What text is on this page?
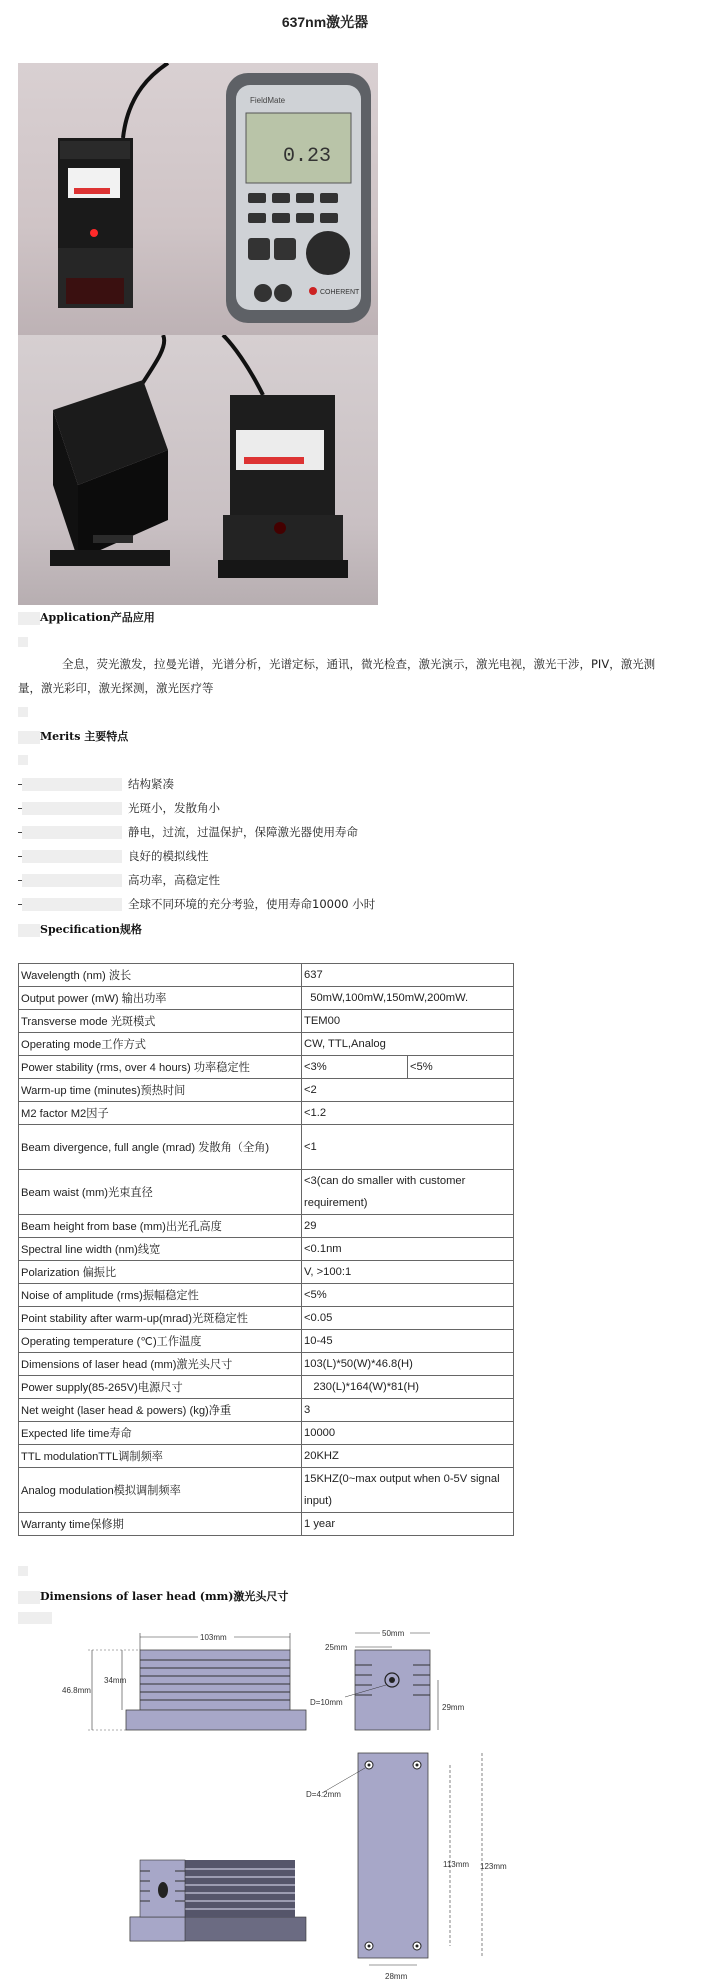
637nm激光器
0.23
FieldMate
COHERENT
Application产品应用
全息，荧光激发，拉曼光谱，光谱分析，光谱定标，通讯，微光检查，激光演示，激光电视，激光干涉，PIV，激光测量，激光彩印，激光探测，激光医疗等
Merits 主要特点
结构紧凑
光斑小，发散角小
静电，过流，过温保护，保障激光器使用寿命
良好的模拟线性
高功率，高稳定性
全球不同环境的充分考验，使用寿命10000 小时
Specification规格
Wavelength (nm) 波长	637	
Output power (mW) 输出功率	50mW,100mW,150mW,200mW.	
Transverse mode 光斑模式	TEM00	
Operating mode工作方式	CW, TTL,Analog	
Power stability (rms, over 4 hours) 功率稳定性	<3%	<5%
Warm-up time (minutes)预热时间	<2	
M2 factor M2因子	<1.2	
Beam divergence, full angle (mrad) 发散角（全角)	<1	
Beam waist (mm)光束直径	<3(can do smaller with customer requirement)	
Beam height from base (mm)出光孔高度	29	
Spectral line width (nm)线宽	<0.1nm	
Polarization 偏振比	V, >100:1	
Noise of amplitude (rms)振幅稳定性	<5%	
Point stability after warm-up(mrad)光斑稳定性	<0.05	
Operating temperature (℃)工作温度	10-45	
Dimensions of laser head (mm)激光头尺寸	103(L)*50(W)*46.8(H)	
Power supply(85-265V)电源尺寸	230(L)*164(W)*81(H)	
Net weight (laser head & powers) (kg)净重	3	
Expected life time寿命	10000	
TTL modulationTTL调制频率	20KHZ	
Analog modulation模拟调制频率	15KHZ(0~max output when 0-5V signal input)	
Warranty time保修期	1 year	
Dimensions of laser head (mm)激光头尺寸
103mm
46.8mm
34mm
50mm
25mm
D=10mm
29mm
D=4.2mm
113mm 123mm
28mm
